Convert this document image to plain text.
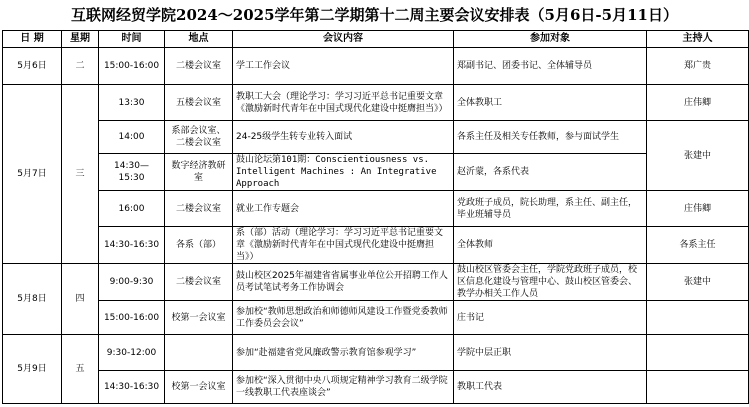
互联网经贸学院2024～2025学年第二学期第十二周主要会议安排表（5月6日-5月11日）
日 期	星期	时间	地点	会议内容	参加对象	主持人
5月6日	二	15:00-16:00	二楼会议室	学工工作会议	郑副书记、团委书记、全体辅导员	郑广贵
5月7日	三	13:30	五楼会议室	教职工大会（理论学习：学习习近平总书记重要文章《激励新时代青年在中国式现代化建设中挺膺担当》）	全体教职工	庄伟卿
		14:00	系部会议室、二楼会议室	24-25级学生转专业转入面试	各系主任及相关专任教师，参与面试学生	张建中
		14:30—15:30	数字经济教研室	鼓山论坛第101期：Conscientiousness vs. Intelligent Machines : An Integrative Approach	赵沂蒙，各系代表	
		16:00	二楼会议室	就业工作专题会	党政班子成员，院长助理，系主任、副主任，毕业班辅导员	庄伟卿
		14:30-16:30	各系（部）	系（部）活动（理论学习：学习习近平总书记重要文章《激励新时代青年在中国式现代化建设中挺膺担当》）	全体教师	各系主任

5月8日	四	9:00-9:30	二楼会议室	鼓山校区2025年福建省省属事业单位公开招聘工作人员考试笔试考务工作协调会	鼓山校区管委会主任，学院党政班子成员，校区信息化建设与管理中心、鼓山校区管委会、教学办相关工作人员	张建中
		15:00-16:00	校第一会议室	参加校“教师思想政治和师德师风建设工作暨党委教师工作委员会会议”	庄书记	
5月9日	五	9:30-12:00		参加“赴福建省党风廉政警示教育馆参观学习”	学院中层正职	
		14:30-16:30	校第一会议室	参加校“深入贯彻中央八项规定精神学习教育二级学院一线教职工代表座谈会”	教职工代表	
